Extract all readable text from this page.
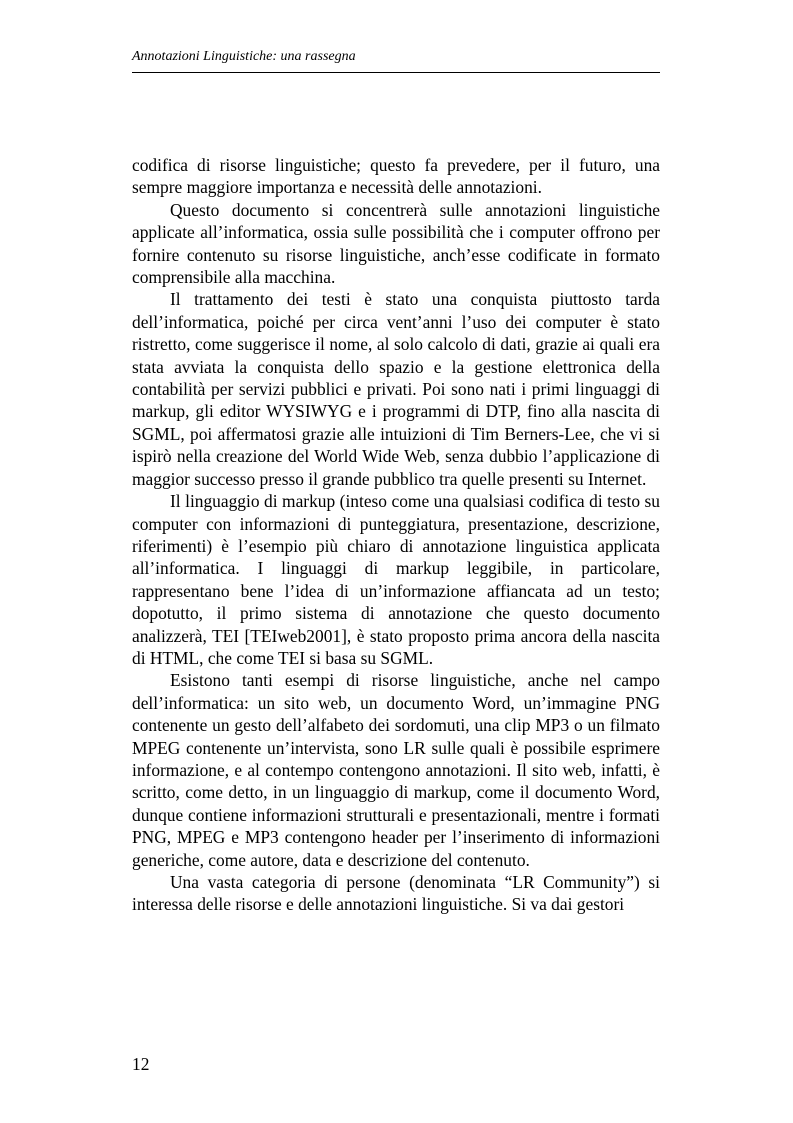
Annotazioni Linguistiche: una rassegna

codifica di risorse linguistiche; questo fa prevedere, per il futuro, una sempre maggiore importanza e necessità delle annotazioni.

Questo documento si concentrerà sulle annotazioni linguistiche applicate all’informatica, ossia sulle possibilità che i computer offrono per fornire contenuto su risorse linguistiche, anch’esse codificate in formato comprensibile alla macchina.

Il trattamento dei testi è stato una conquista piuttosto tarda dell’informatica, poiché per circa vent’anni l’uso dei computer è stato ristretto, come suggerisce il nome, al solo calcolo di dati, grazie ai quali era stata avviata la conquista dello spazio e la gestione elettronica della contabilità per servizi pubblici e privati. Poi sono nati i primi linguaggi di markup, gli editor WYSIWYG e i programmi di DTP, fino alla nascita di SGML, poi affermatosi grazie alle intuizioni di Tim Berners-Lee, che vi si ispirò nella creazione del World Wide Web, senza dubbio l’applicazione di maggior successo presso il grande pubblico tra quelle presenti su Internet.

Il linguaggio di markup (inteso come una qualsiasi codifica di testo su computer con informazioni di punteggiatura, presentazione, descrizione, riferimenti) è l’esempio più chiaro di annotazione linguistica applicata all’informatica. I linguaggi di markup leggibile, in particolare, rappresentano bene l’idea di un’informazione affiancata ad un testo; dopotutto, il primo sistema di annotazione che questo documento analizzerà, TEI [TEIweb2001], è stato proposto prima ancora della nascita di HTML, che come TEI si basa su SGML.

Esistono tanti esempi di risorse linguistiche, anche nel campo dell’informatica: un sito web, un documento Word, un’immagine PNG contenente un gesto dell’alfabeto dei sordomuti, una clip MP3 o un filmato MPEG contenente un’intervista, sono LR sulle quali è possibile esprimere informazione, e al contempo contengono annotazioni. Il sito web, infatti, è scritto, come detto, in un linguaggio di markup, come il documento Word, dunque contiene informazioni strutturali e presentazionali, mentre i formati PNG, MPEG e MP3 contengono header per l’inserimento di informazioni generiche, come autore, data e descrizione del contenuto.

Una vasta categoria di persone (denominata “LR Community”) si interessa delle risorse e delle annotazioni linguistiche. Si va dai gestori

12
